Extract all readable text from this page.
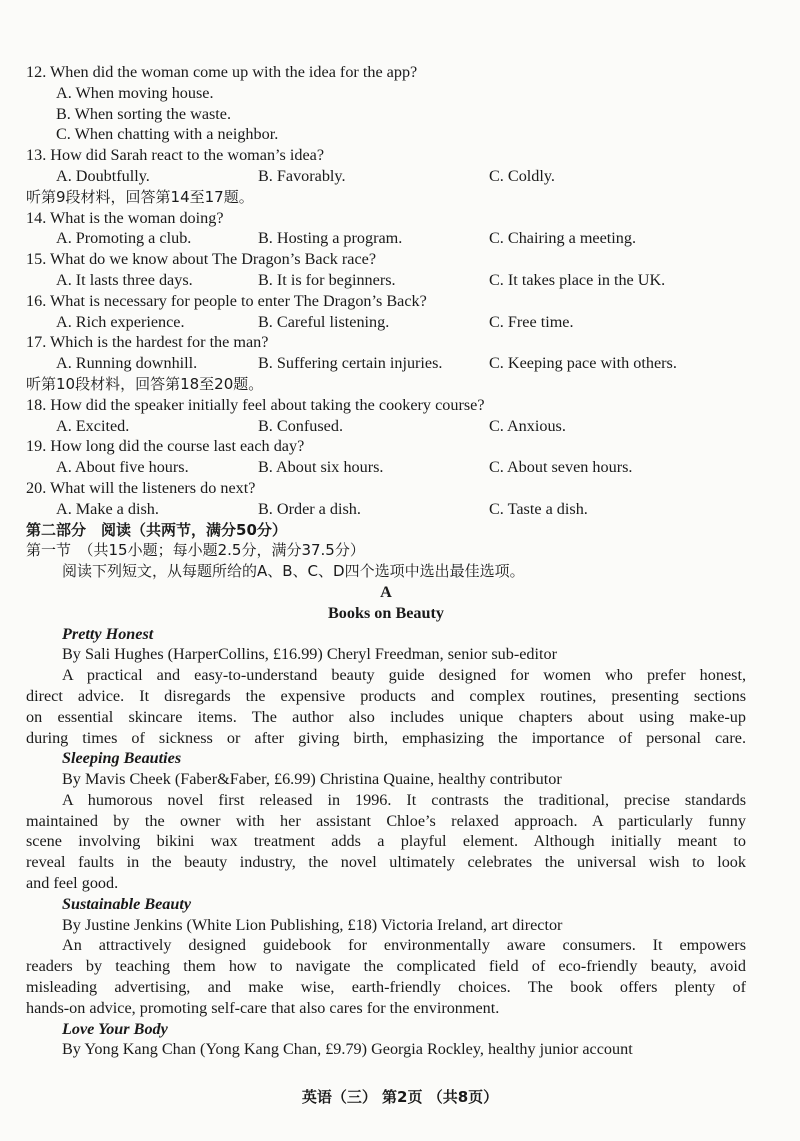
12. When did the woman come up with the idea for the app?
A. When moving house.
B. When sorting the waste.
C. When chatting with a neighbor.
13. How did Sarah react to the woman’s idea?
A. Doubtfully.	B. Favorably.	C. Coldly.
听第9段材料，回答第14至17题。
14. What is the woman doing?
A. Promoting a club.	B. Hosting a program.	C. Chairing a meeting.
15. What do we know about The Dragon’s Back race?
A. It lasts three days.	B. It is for beginners.	C. It takes place in the UK.
16. What is necessary for people to enter The Dragon’s Back?
A. Rich experience.	B. Careful listening.	C. Free time.
17. Which is the hardest for the man?
A. Running downhill.	B. Suffering certain injuries.	C. Keeping pace with others.
听第10段材料，回答第18至20题。
18. How did the speaker initially feel about taking the cookery course?
A. Excited.	B. Confused.	C. Anxious.
19. How long did the course last each day?
A. About five hours.	B. About six hours.	C. About seven hours.
20. What will the listeners do next?
A. Make a dish.	B. Order a dish.	C. Taste a dish.
第二部分　阅读（共两节，满分50分）
第一节　（共15小题；每小题2.5分，满分37.5分）
阅读下列短文，从每题所给的A、B、C、D四个选项中选出最佳选项。
A
Books on Beauty
Pretty Honest
By Sali Hughes (HarperCollins, £16.99) Cheryl Freedman, senior sub-editor
A practical and easy-to-understand beauty guide designed for women who prefer honest,
direct advice. It disregards the expensive products and complex routines, presenting sections
on essential skincare items. The author also includes unique chapters about using make-up
during times of sickness or after giving birth, emphasizing the importance of personal care.
Sleeping Beauties
By Mavis Cheek (Faber&Faber, £6.99) Christina Quaine, healthy contributor
A humorous novel first released in 1996. It contrasts the traditional, precise standards
maintained by the owner with her assistant Chloe’s relaxed approach. A particularly funny
scene involving bikini wax treatment adds a playful element. Although initially meant to
reveal faults in the beauty industry, the novel ultimately celebrates the universal wish to look
and feel good.
Sustainable Beauty
By Justine Jenkins (White Lion Publishing, £18) Victoria Ireland, art director
An attractively designed guidebook for environmentally aware consumers. It empowers
readers by teaching them how to navigate the complicated field of eco-friendly beauty, avoid
misleading advertising, and make wise, earth-friendly choices. The book offers plenty of
hands-on advice, promoting self-care that also cares for the environment.
Love Your Body
By Yong Kang Chan (Yong Kang Chan, £9.79) Georgia Rockley, healthy junior account
英语（三） 第2页 （共8页）
